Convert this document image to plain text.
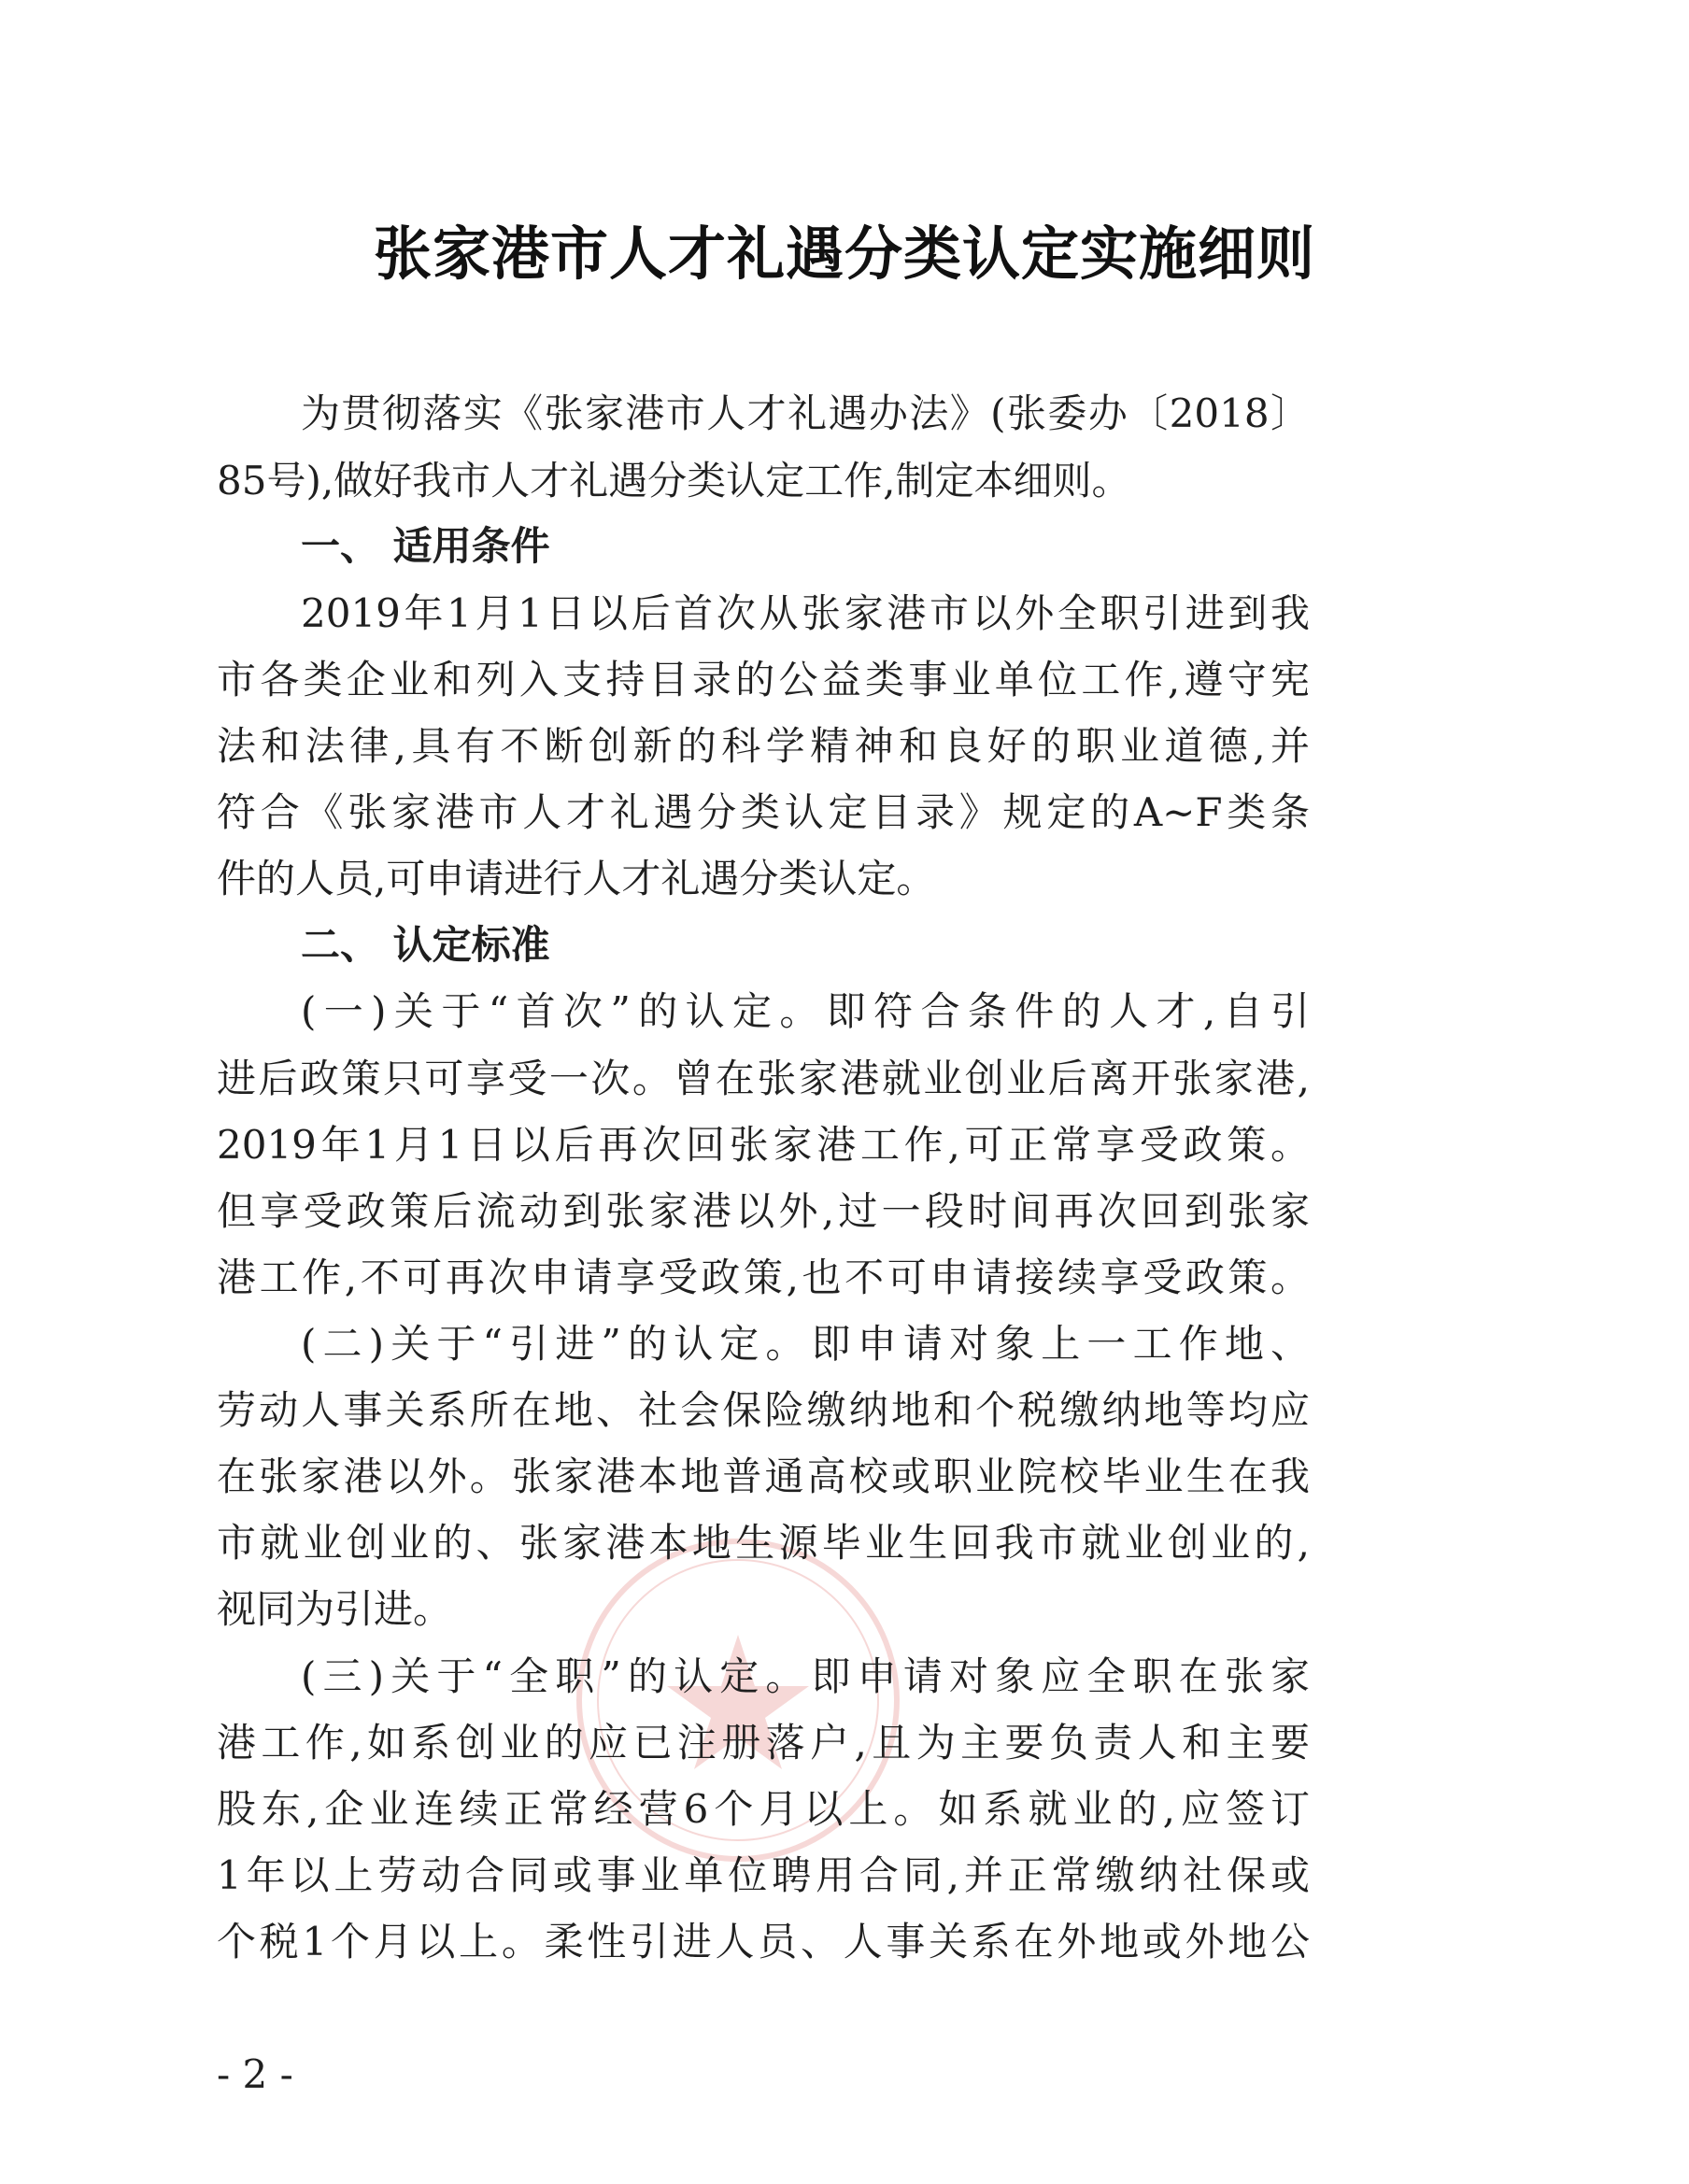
张家港市人才礼遇分类认定实施细则
为贯彻落实《张家港市人才礼遇办法》(张委办〔2018〕
85号),做好我市人才礼遇分类认定工作,制定本细则。
一、 适用条件
2019年1月1日以后首次从张家港市以外全职引进到我
市各类企业和列入支持目录的公益类事业单位工作,遵守宪
法和法律,具有不断创新的科学精神和良好的职业道德,并
符合《张家港市人才礼遇分类认定目录》规定的A~F类条
件的人员,可申请进行人才礼遇分类认定。
二、 认定标准
(一)关于“首次”的认定。即符合条件的人才,自引
进后政策只可享受一次。曾在张家港就业创业后离开张家港,
2019年1月1日以后再次回张家港工作,可正常享受政策。
但享受政策后流动到张家港以外,过一段时间再次回到张家
港工作,不可再次申请享受政策,也不可申请接续享受政策。
(二)关于“引进”的认定。即申请对象上一工作地、
劳动人事关系所在地、社会保险缴纳地和个税缴纳地等均应
在张家港以外。张家港本地普通高校或职业院校毕业生在我
市就业创业的、张家港本地生源毕业生回我市就业创业的,
视同为引进。
(三)关于“全职”的认定。即申请对象应全职在张家
港工作,如系创业的应已注册落户,且为主要负责人和主要
股东,企业连续正常经营6个月以上。如系就业的,应签订
1年以上劳动合同或事业单位聘用合同,并正常缴纳社保或
个税1个月以上。柔性引进人员、人事关系在外地或外地公
- 2 -
